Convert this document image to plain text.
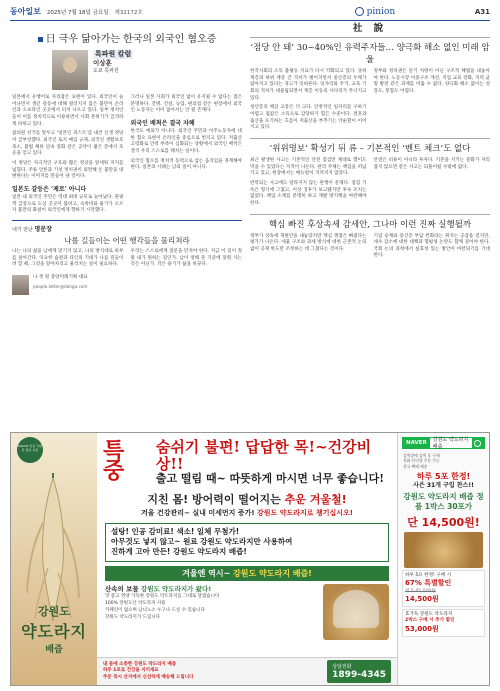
동아일보 2025년 7월 18일 금요일 제32172호	pinion	A31
日 극우 닮아가는 한국의 외국인 혐오증
특파원 칼럼
이상훈
도쿄 특파원

일본에서 유행어로 자리잡은 표현이 있다. 외국인이 늘어나면서 생긴 갈등에 대해 걸러지지 않은 불만이 온라인과 오프라인 곳곳에서 터져 나오고 있다. 일부 정치인들이 이를 정치적으로 이용하면서 사회 분위기가 급격하게 바뀌고 있다.

참의원 선거를 앞두고 ‘일본인 퍼스트’를 내건 신생 정당이 급부상했다. 외국인 토지 매입 규제, 외국인 생활보호 축소, 불법 체류 단속 강화 같은 공약이 젊은 층에서 호응을 얻고 있다.

이 정당은 자극적인 구호와 짧은 영상을 앞세워 지지를 넓혔다. 주류 언론과 기성 정치권이 외면해 온 불만을 대변한다는 이미지를 만들어 낸 것이다.

일본도 갈등은 ‘제로’ 아니다

일본 내 외국인 주민은 역대 최대 규모로 늘어났다. 관광객 급증으로 도심 곳곳이 붐비고, 숙박비와 물가가 오르자 불만의 화살이 외국인에게 향하기 시작했다.

그러나 일본 사회가 외국인 없이 유지될 수 없다는 점은 분명하다. 간병, 건설, 농업, 편의점 같은 현장에서 외국인 노동자는 이미 없어서는 안 될 존재다.

외국인 배척은 결국 자해

한국도 예외가 아니다. 외국인 주민과 이주노동자에 대한 혐오 표현이 온라인을 중심으로 번지고 있다. 저출산 고령화로 인력 부족이 심화되는 상황에서 외국인 배척은 결국 우리 스스로를 해치는 일이다.

외국인 혐오를 정치적 동력으로 삼는 움직임을 경계해야 한다. 일본의 사례는 남의 일이 아니다.

내가 만난 명문장
나를 길들이는 어떤 행각들을 물리쳐라

나는 나의 삶을 남에게 맡기지 않고, 나의 방식대로 하루를 살아간다. 익숙한 습관과 타인의 기대가 나를 길들이려 할 때, 그것을 알아차리고 물리치는 일이 필요하다.

우리는 스스로에게 질문을 던져야 한다. 지금 이 길이 정말 내가 원하는 길인가. 남이 정해 준 기준에 맞춰 사는 것은 아닌가. 작은 용기가 삶을 바꾼다.

나 정 원 중앙미래기획 대표
people.letter@donga.com
社 說
‘점당 안 돼’ 30~40%인 유력주자들… 양극화 해소 없인 미래 암울

한국사회의 소득 불평등 지표가 다시 악화되고 있다. 상위 계층과 하위 계층 간 격차가 벌어지면서 중산층의 두께가 얇아지고 있다는 경고가 잇따른다. 일자리와 주거, 교육 기회의 격차가 대물림되면서 계층 이동의 사다리가 무너지고 있다.

청년층의 체감 고통은 더 크다. 안정적인 일자리를 구하기 어렵고 집값은 소득으로 감당하기 힘든 수준이다. 결혼과 출산을 포기하는 흐름이 저출산을 부추기는 악순환이 이어지고 있다.

정부와 정치권은 단기 처방이 아닌 구조적 해법을 내놓아야 한다. 노동시장 이중구조 개선, 직업 교육 강화, 지역 균형 발전 같은 과제를 미룰 수 없다. 양극화 해소 없이는 성장도, 통합도 어렵다.

‘위위명보’ 확성기 뒤 류 – 기본적인 ‘벤트 체크’도 없다

최근 발생한 사고는 기본적인 안전 점검만 제대로 했어도 막을 수 있었다는 지적이 나온다. 관리 주체는 책임을 떠넘기고 있고, 현장에서는 매뉴얼이 지켜지지 않았다.

반복되는 사고에도 달라지지 않는 관행이 문제다. 점검 기록은 형식에 그쳤고, 이상 징후가 보고됐지만 후속 조치는 없었다. 책임 소재를 분명히 하고 재발 방지책을 마련해야 한다.

안전은 비용이 아니라 투자다. 기본을 지키는 문화가 자리 잡지 않으면 같은 사고는 되풀이될 수밖에 없다.

핵심 빠진 후상속세 감세안, 그나마 이런 진짜 실행될까

정부가 상속세 개편안을 내놓았지만 핵심 쟁점은 빠졌다는 평가가 나온다. 세율 구조와 과세 방식에 대한 근본적 논의 없이 공제 한도만 조정하는 데 그쳤다는 것이다.

기업 승계와 중산층 부담 완화라는 취지는 공감을 얻지만, 세수 감소에 대한 대책과 형평성 논란도 함께 짚어야 한다. 국회 논의 과정에서 실효성 있는 방안이 마련되기를 기대한다.

HACCP 인증 국내산 원료 사용
강원도
약도라지
배즙
특 중
숨쉬기 불편! 답답한 목!~건강비상!!
출고 떨림 때~ 따뜻하게 마시면 너무 좋습니다!
지친 몸! 방어력이 떨어지는 추운 겨울철!
겨울 건강관리~ 실내 미세먼지 증가! 강원도 약도라지로 챙기십시오!
설탕! 인공 감미료! 색소! 일체 무첨가!
아무것도 넣지 않고~ 원료 강원도 약도라지만 사용하여
진하게 고아 만든! 강원도 약도라지 배즙!
겨울엔 역시~ 강원도 약도라지 배즙!
산속의 보물 강원도 약도라지가 왔다!
맛 좋고 영양 가득한 강원도 약도라지를 그대로 달였습니다
100% 강원도산 약도라지 사용
카페인이 없으며 남녀노소 누구나 드실 수 있습니다
강원도 약도라지가 드립니다
내 몸에 소중한 강원도 약도라지 배즙
하루 1포로 건강을 지키세요
주문 즉시 산지에서 신선하게 배송해 드립니다
상담전화
1899-4345
NAVER	강원도 약도라지 배즙
검색창에 검색 후 구매
전화·인터넷 주문 가능
전국 택배 배송
하루 5포 한정!
사은 31개 구입 찬스!!
강원도 약도라지 배즙 정품 1박스 30포가
단 14,500원!
하루 5포 한정! 구매 시
67% 특별할인
정가 45,000원
14,500원
효가득 강원도 약도라지
2박스 구매 시 추가 할인
53,000원
